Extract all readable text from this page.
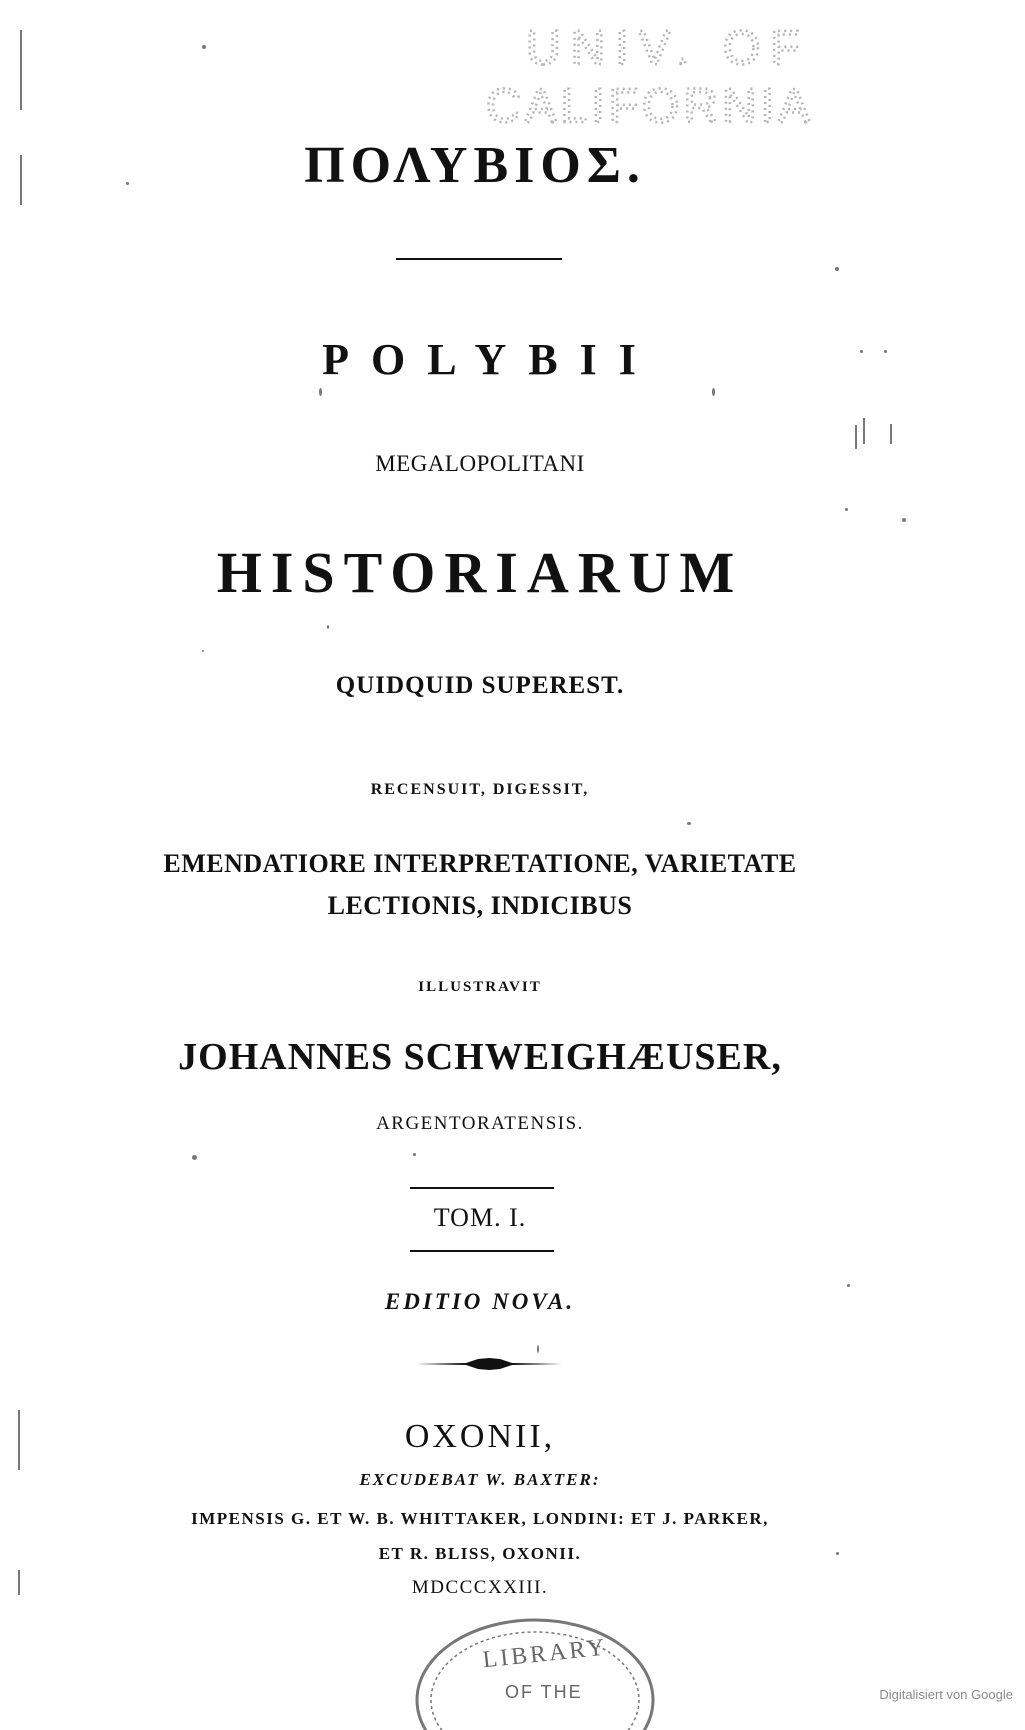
UNIV. OF
CALIFORNIA
ΠΟΛΥΒΙΟΣ.
POLYBII
MEGALOPOLITANI
HISTORIARUM
QUIDQUID SUPEREST.
RECENSUIT, DIGESSIT,
EMENDATIORE INTERPRETATIONE, VARIETATE
LECTIONIS, INDICIBUS
ILLUSTRAVIT
JOHANNES SCHWEIGHÆUSER,
ARGENTORATENSIS.
TOM. I.
EDITIO NOVA.
OXONII,
EXCUDEBAT W. BAXTER:
IMPENSIS G. ET W. B. WHITTAKER, LONDINI: ET J. PARKER,
ET R. BLISS, OXONII.
MDCCCXXIII.
LIBRARY
OF THE	Digitalisiert von Google
